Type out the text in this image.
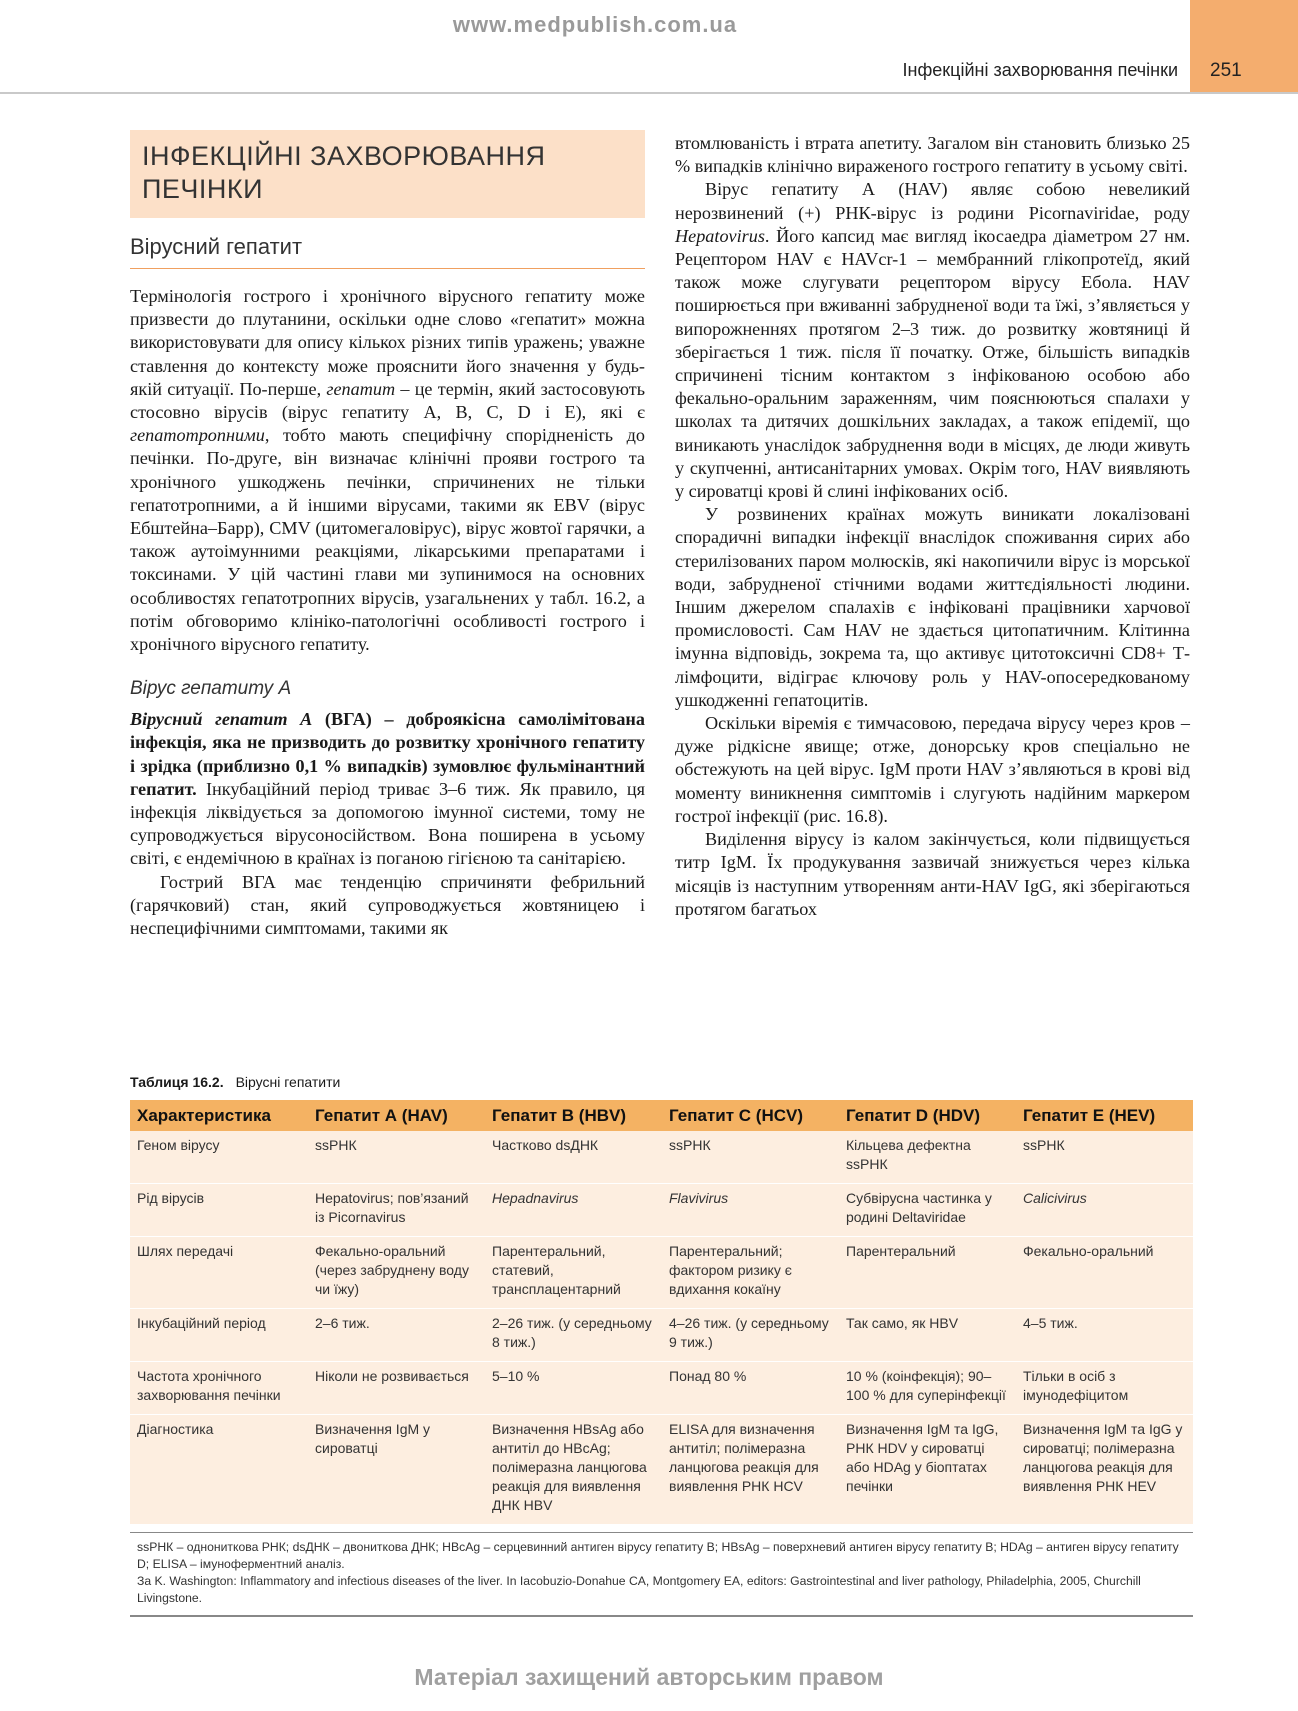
www.medpublish.com.ua
Інфекційні захворювання печінки	251
ІНФЕКЦІЙНІ ЗАХВОРЮВАННЯ
ПЕЧІНКИ
Вірусний гепатит

Термінологія гострого і хронічного вірусного гепатиту може призвести до плутанини, оскільки одне слово «гепатит» можна використовувати для опису кількох різних типів уражень; уважне ставлення до контексту може прояснити його значення у будь-якій ситуації. По-перше, гепатит – це термін, який застосовують стосовно вірусів (вірус гепатиту A, B, C, D і E), які є гепатотропними, тобто мають специфічну спорідненість до печінки. По-друге, він визначає клінічні прояви гострого та хронічного ушкоджень печінки, спричинених не тільки гепатотропними, а й іншими вірусами, такими як EBV (вірус Ебштейна–Барр), CMV (цитомегаловірус), вірус жовтої гарячки, а також аутоімунними реакціями, лікарськими препаратами і токсинами. У цій частині глави ми зупинимося на основних особливостях гепатотропних вірусів, узагальнених у табл. 16.2, а потім обговоримо клініко-патологічні особливості гострого і хронічного вірусного гепатиту.

Вірус гепатиту А

Вірусний гепатит А (ВГА) – доброякісна самолімітована інфекція, яка не призводить до розвитку хронічного гепатиту і зрідка (приблизно 0,1 % випадків) зумовлює фульмінантний гепатит. Інкубаційний період триває 3–6 тиж. Як правило, ця інфекція ліквідується за допомогою імунної системи, тому не супроводжується вірусоносійством. Вона поширена в усьому світі, є ендемічною в країнах із поганою гігієною та санітарією.

Гострий ВГА має тенденцію спричиняти фебрильний (гарячковий) стан, який супроводжується жовтяницею і неспецифічними симптомами, такими як

втомлюваність і втрата апетиту. Загалом він становить близько 25 % випадків клінічно вираженого гострого гепатиту в усьому світі.

Вірус гепатиту А (HAV) являє собою невеликий нерозвинений (+) РНК-вірус із родини Picornaviridae, роду Hepatovirus. Його капсид має вигляд ікосаедра діаметром 27 нм. Рецептором HAV є HAVcr-1 – мембранний глікопротеїд, який також може слугувати рецептором вірусу Ебола. HAV поширюється при вживанні забрудненої води та їжі, з’являється у випорожненнях протягом 2–3 тиж. до розвитку жовтяниці й зберігається 1 тиж. після її початку. Отже, більшість випадків спричинені тісним контактом з інфікованою особою або фекально-оральним зараженням, чим пояснюються спалахи у школах та дитячих дошкільних закладах, а також епідемії, що виникають унаслідок забруднення води в місцях, де люди живуть у скупченні, антисанітарних умовах. Окрім того, HAV виявляють у сироватці крові й слині інфікованих осіб.

У розвинених країнах можуть виникати локалізовані спорадичні випадки інфекції внаслідок споживання сирих або стерилізованих паром молюсків, які накопичили вірус із морської води, забрудненої стічними водами життєдіяльності людини. Іншим джерелом спалахів є інфіковані працівники харчової промисловості. Сам HAV не здається цитопатичним. Клітинна імунна відповідь, зокрема та, що активує цитотоксичні CD8+ Т-лімфоцити, відіграє ключову роль у HAV-опосередкованому ушкодженні гепатоцитів.

Оскільки віремія є тимчасовою, передача вірусу через кров – дуже рідкісне явище; отже, донорську кров спеціально не обстежують на цей вірус. IgM проти HAV з’являються в крові від моменту виникнення симптомів і слугують надійним маркером гострої інфекції (рис. 16.8).

Виділення вірусу із калом закінчується, коли підвищується титр IgM. Їх продукування зазвичай знижується через кілька місяців із наступним утворенням анти-HAV IgG, які зберігаються протягом багатьох

Таблиця 16.2. Вірусні гепатити
Характеристика	Гепатит А (HAV)	Гепатит В (HBV)	Гепатит С (HCV)	Гепатит D (HDV)	Гепатит Е (HEV)
Геном вірусу	ssРНК	Частково dsДНК	ssРНК	Кільцева дефектна ssРНК	ssРНК
Рід вірусів	Hepatovirus; пов’язаний із Picornavirus	Hepadnavirus	Flavivirus	Субвірусна частинка у родині Deltaviridae	Calicivirus
Шлях передачі	Фекально-оральний (через забруднену воду чи їжу)	Парентеральний, статевий, трансплацентарний	Парентеральний; фактором ризику є вдихання кокаїну	Парентеральний	Фекально-оральний
Інкубаційний період	2–6 тиж.	2–26 тиж. (у середньому 8 тиж.)	4–26 тиж. (у середньому 9 тиж.)	Так само, як HBV	4–5 тиж.
Частота хронічного захворювання печінки	Ніколи не розвивається	5–10 %	Понад 80 %	10 % (коінфекція); 90–100 % для суперінфекції	Тільки в осіб з імунодефіцитом
Діагностика	Визначення IgM у сироватці	Визначення HBsAg або антитіл до HBcAg; полімеразна ланцюгова реакція для виявлення ДНК HBV	ELISA для визначення антитіл; полімеразна ланцюгова реакція для виявлення РНК HCV	Визначення IgM та IgG, РНК HDV у сироватці або HDAg у біоптатах печінки	Визначення IgM та IgG у сироватці; полімеразна ланцюгова реакція для виявлення РНК HEV
ssРНК – однониткова РНК; dsДНК – двониткова ДНК; HBcAg – серцевинний антиген вірусу гепатиту B; HBsAg – поверхневий антиген вірусу гепатиту B; HDAg – антиген вірусу гепатиту D; ELISA – імуноферментний аналіз.
За K. Washington: Inflammatory and infectious diseases of the liver. In Iacobuzio-Donahue CA, Montgomery EA, editors: Gastrointestinal and liver pathology, Philadelphia, 2005, Churchill Livingstone.
Матеріал захищений авторським правом
